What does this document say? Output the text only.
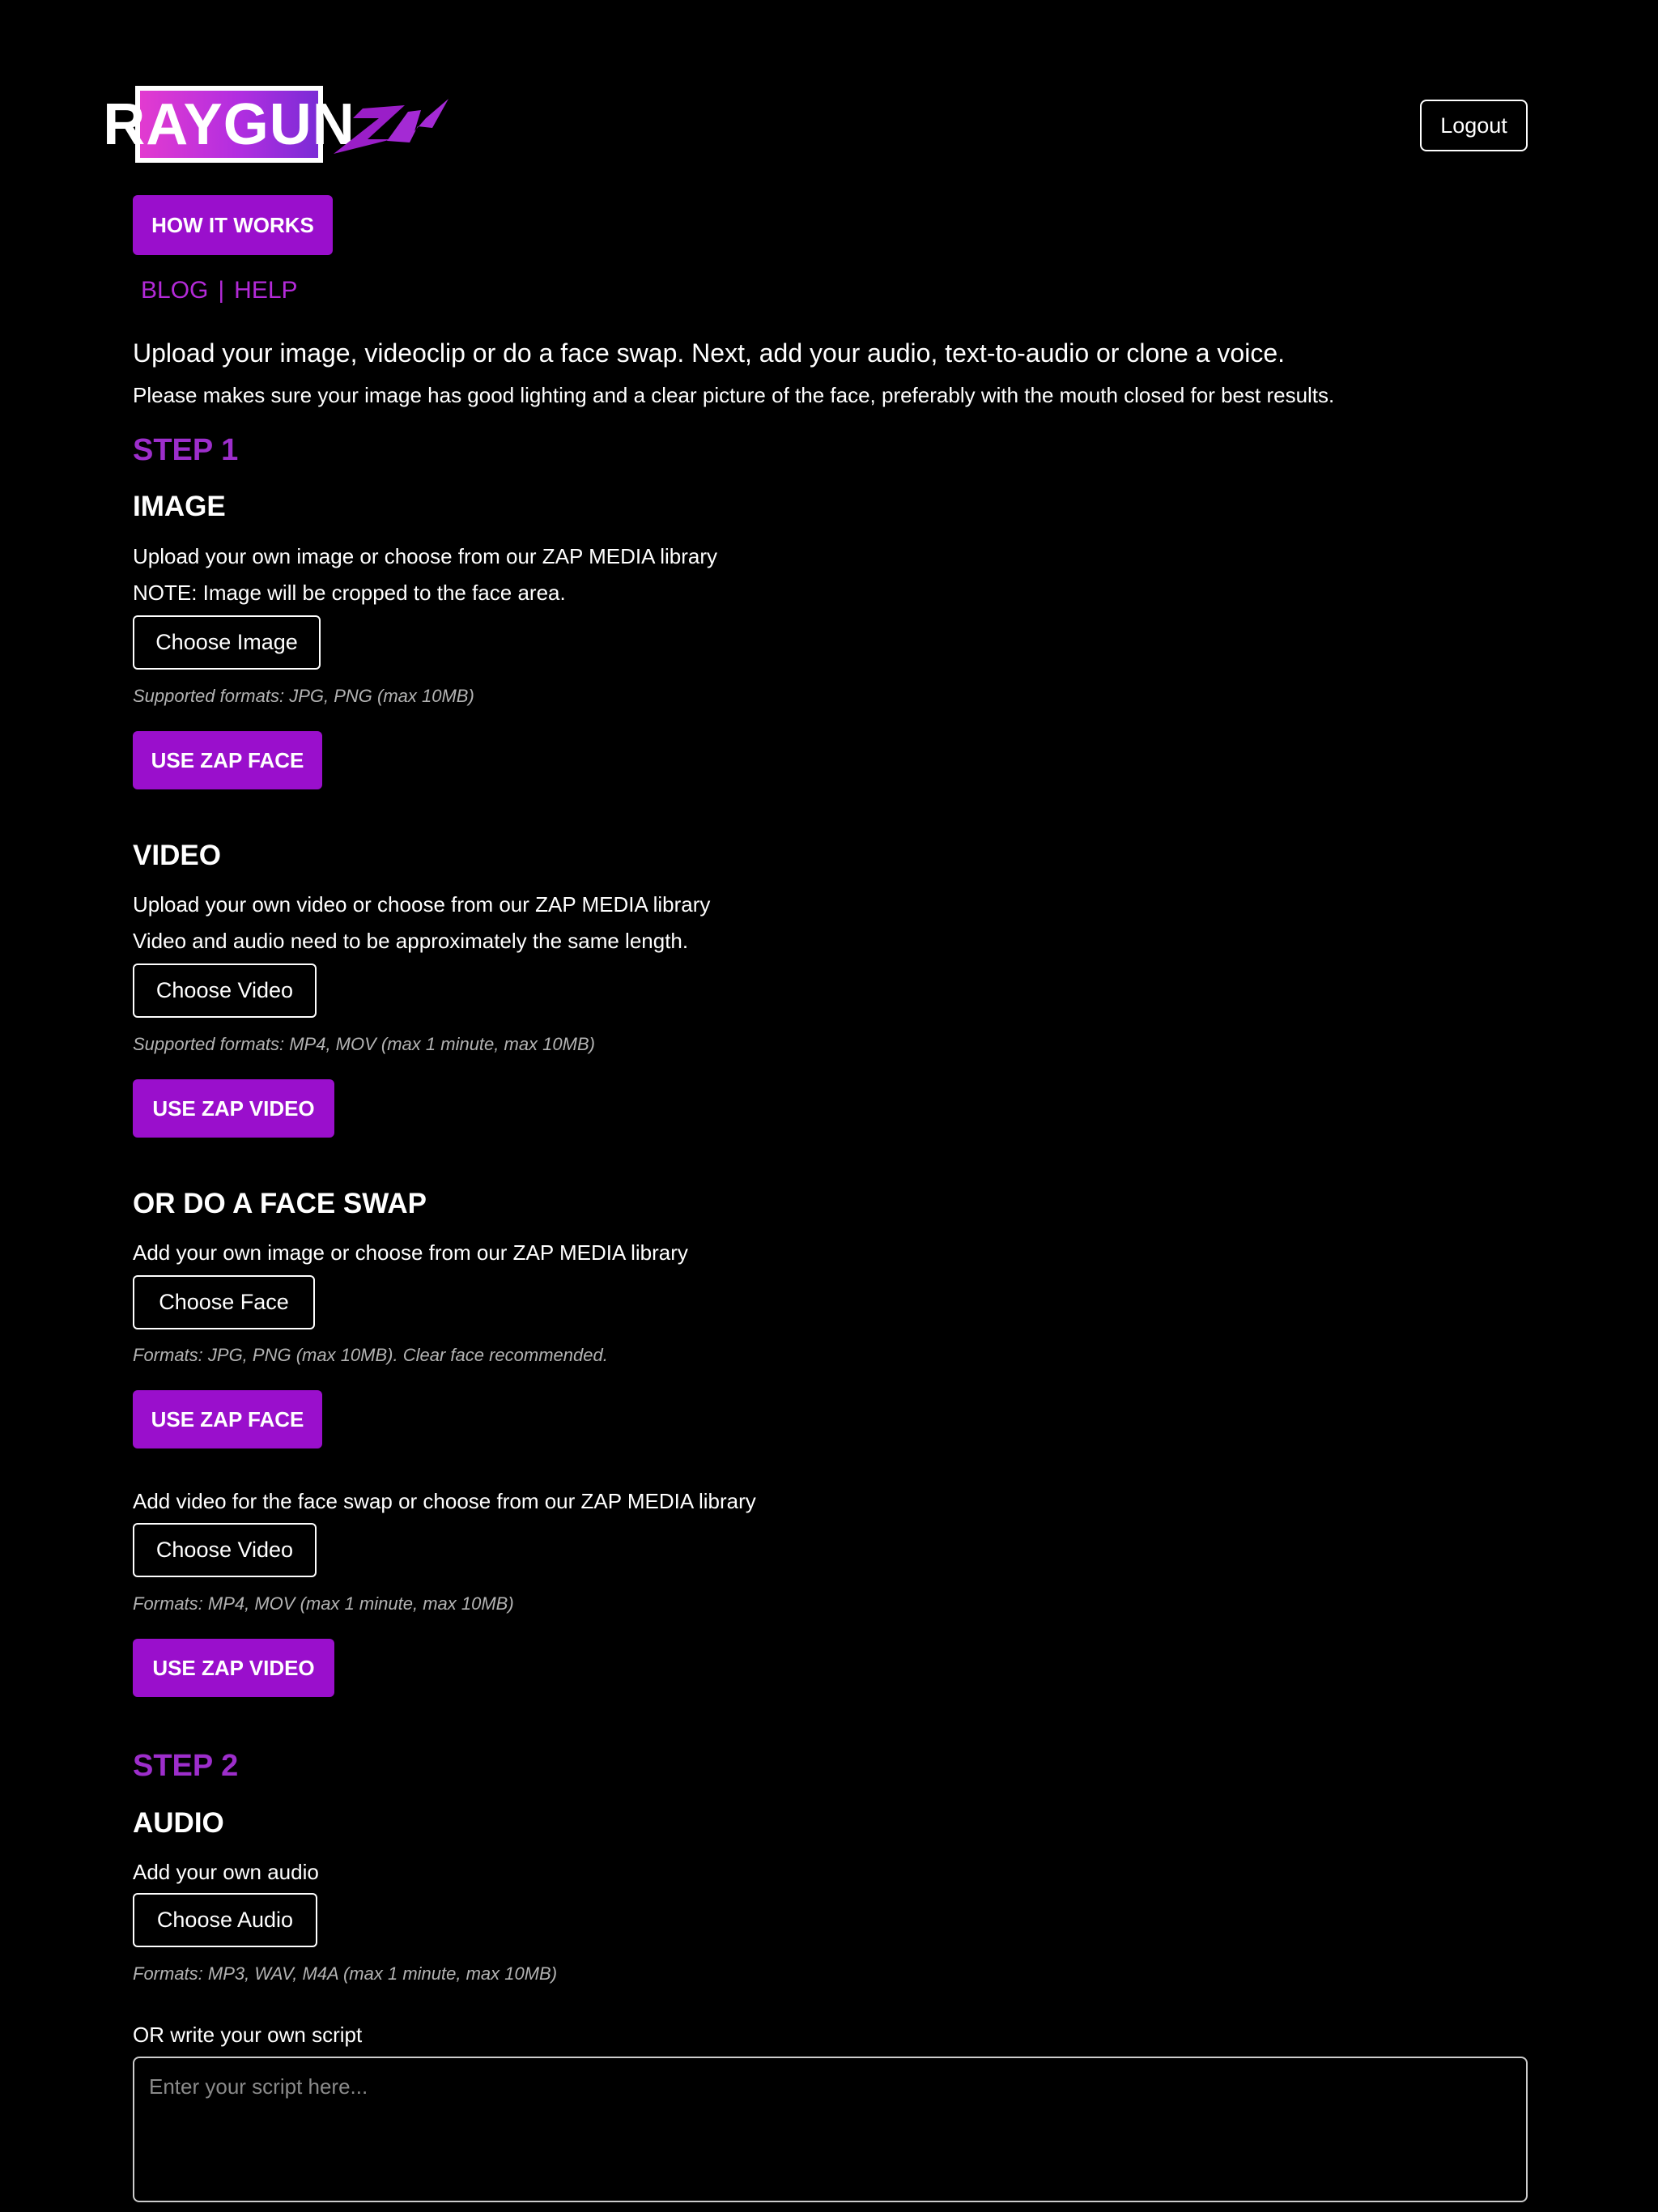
RAYGUN	Logout
HOW IT WORKS
BLOG | HELP
Upload your image, videoclip or do a face swap. Next, add your audio, text-to-audio or clone a voice.
Please makes sure your image has good lighting and a clear picture of the face, preferably with the mouth closed for best results.
STEP 1
IMAGE
Upload your own image or choose from our ZAP MEDIA library
NOTE: Image will be cropped to the face area.
Choose Image
Supported formats: JPG, PNG (max 10MB)
USE ZAP FACE
VIDEO
Upload your own video or choose from our ZAP MEDIA library
Video and audio need to be approximately the same length.
Choose Video
Supported formats: MP4, MOV (max 1 minute, max 10MB)
USE ZAP VIDEO
OR DO A FACE SWAP
Add your own image or choose from our ZAP MEDIA library
Choose Face
Formats: JPG, PNG (max 10MB). Clear face recommended.
USE ZAP FACE
Add video for the face swap or choose from our ZAP MEDIA library
Choose Video
Formats: MP4, MOV (max 1 minute, max 10MB)
USE ZAP VIDEO
STEP 2
AUDIO
Add your own audio
Choose Audio
Formats: MP3, WAV, M4A (max 1 minute, max 10MB)
OR write your own script
Enter your script here...
